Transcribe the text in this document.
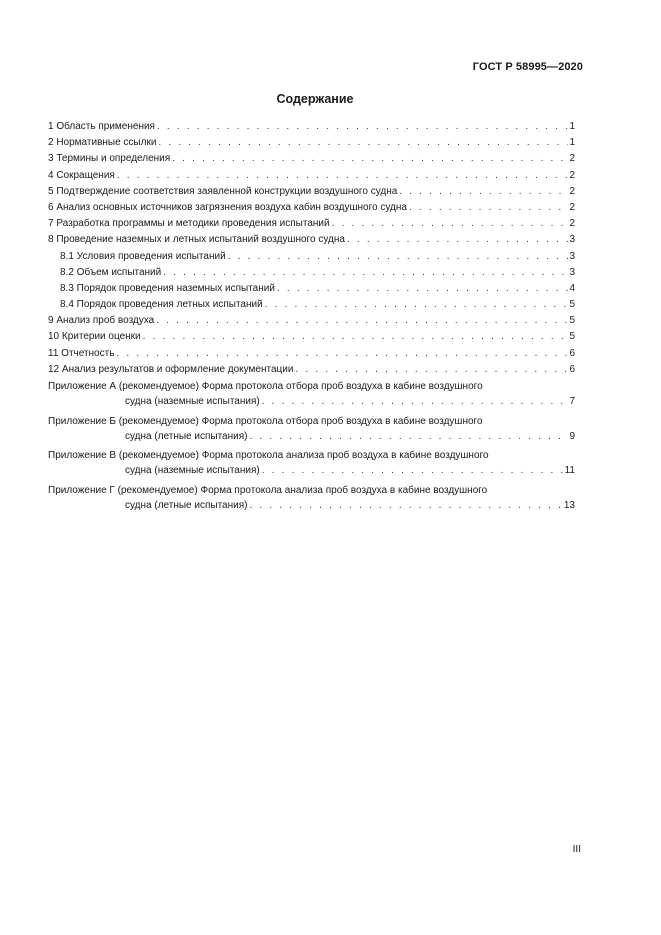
ГОСТ Р 58995—2020
Содержание
1 Область применения . . .	1
2 Нормативные ссылки . . .	1
3 Термины и определения . . .	2
4 Сокращения . . .	2
5 Подтверждение соответствия заявленной конструкции воздушного судна . . .	2
6 Анализ основных источников загрязнения воздуха кабин воздушного судна . . .	2
7 Разработка программы и методики проведения испытаний . . .	2
8 Проведение наземных и летных испытаний воздушного судна . . .	3
8.1 Условия проведения испытаний . . .	3
8.2 Объем испытаний . . .	3
8.3 Порядок проведения наземных испытаний . . .	4
8.4 Порядок проведения летных испытаний . . .	5
9 Анализ проб воздуха . . .	5
10 Критерии оценки . . .	5
11 Отчетность . . .	6
12 Анализ результатов и оформление документации . . .	6
Приложение А (рекомендуемое) Форма протокола отбора проб воздуха в кабине воздушного
судна (наземные испытания) . . .	7
Приложение Б (рекомендуемое) Форма протокола отбора проб воздуха в кабине воздушного
судна (летные испытания) . . .	9
Приложение В (рекомендуемое) Форма протокола анализа проб воздуха в кабине воздушного
судна (наземные испытания) . . .	11
Приложение Г (рекомендуемое) Форма протокола анализа проб воздуха в кабине воздушного
судна (летные испытания) . . .	13
III
